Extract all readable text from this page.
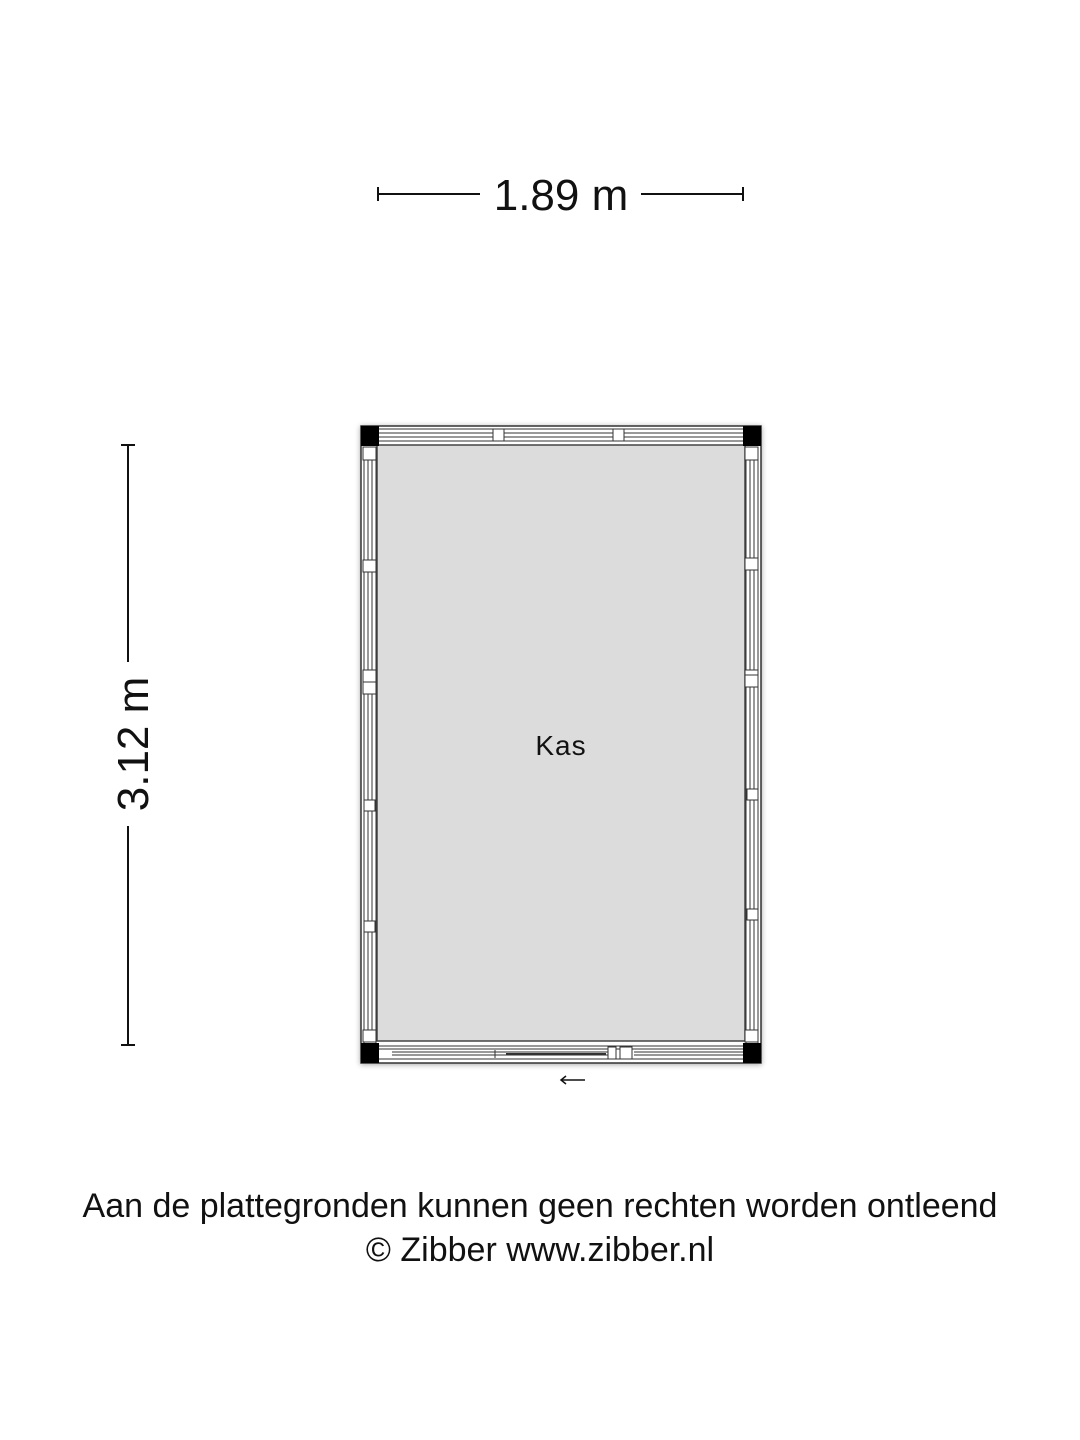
1.89 m
3.12 m	Kas
Aan de plattegronden kunnen geen rechten worden ontleend
© Zibber www.zibber.nl
